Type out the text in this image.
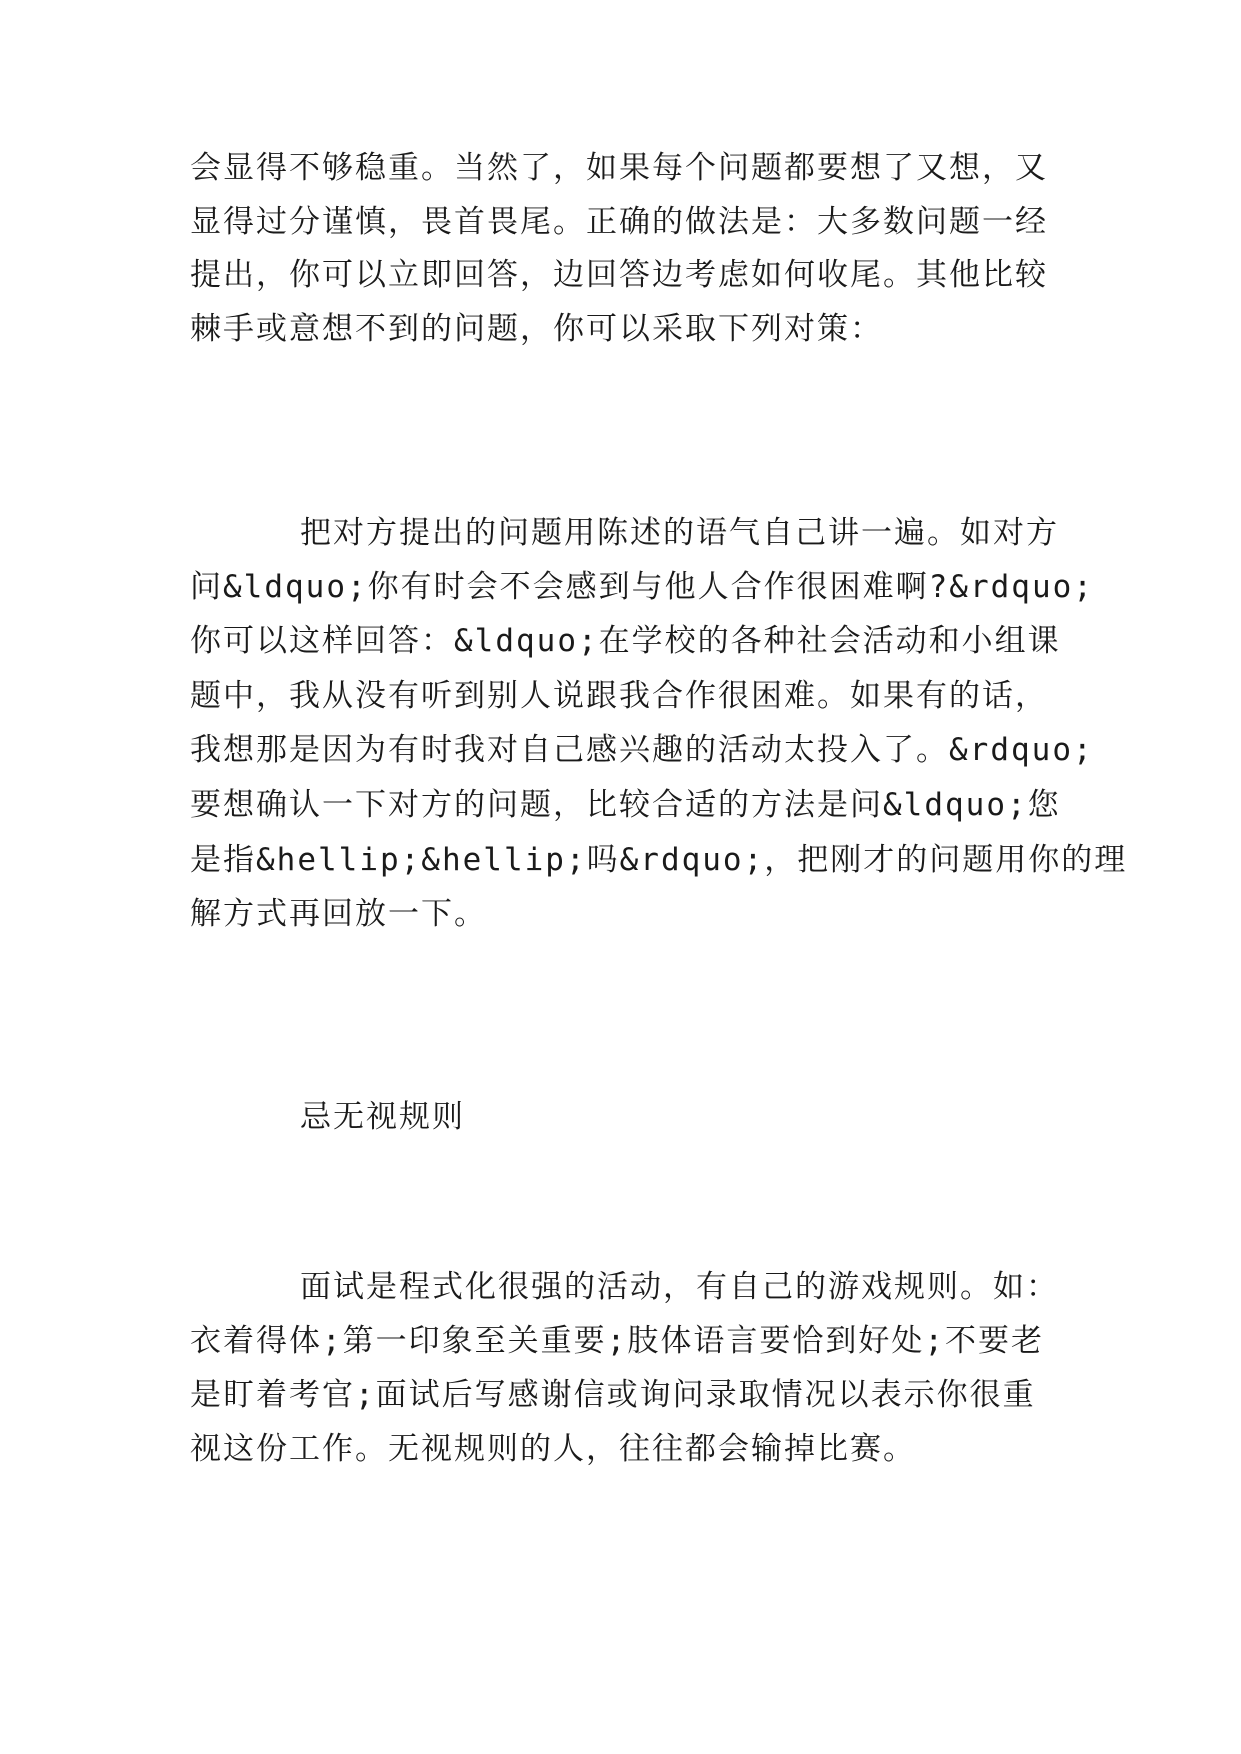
会显得不够稳重。当然了，如果每个问题都要想了又想，又

显得过分谨慎，畏首畏尾。正确的做法是：大多数问题一经

提出，你可以立即回答，边回答边考虑如何收尾。其他比较

棘手或意想不到的问题，你可以采取下列对策：

把对方提出的问题用陈述的语气自己讲一遍。如对方

问&ldquo;你有时会不会感到与他人合作很困难啊?&rdquo;

你可以这样回答：&ldquo;在学校的各种社会活动和小组课

题中，我从没有听到别人说跟我合作很困难。如果有的话，

我想那是因为有时我对自己感兴趣的活动太投入了。&rdquo;

要想确认一下对方的问题，比较合适的方法是问&ldquo;您

是指&hellip;&hellip;吗&rdquo;，把刚才的问题用你的理

解方式再回放一下。

忌无视规则

面试是程式化很强的活动，有自己的游戏规则。如：

衣着得体;第一印象至关重要;肢体语言要恰到好处;不要老

是盯着考官;面试后写感谢信或询问录取情况以表示你很重

视这份工作。无视规则的人，往往都会输掉比赛。
